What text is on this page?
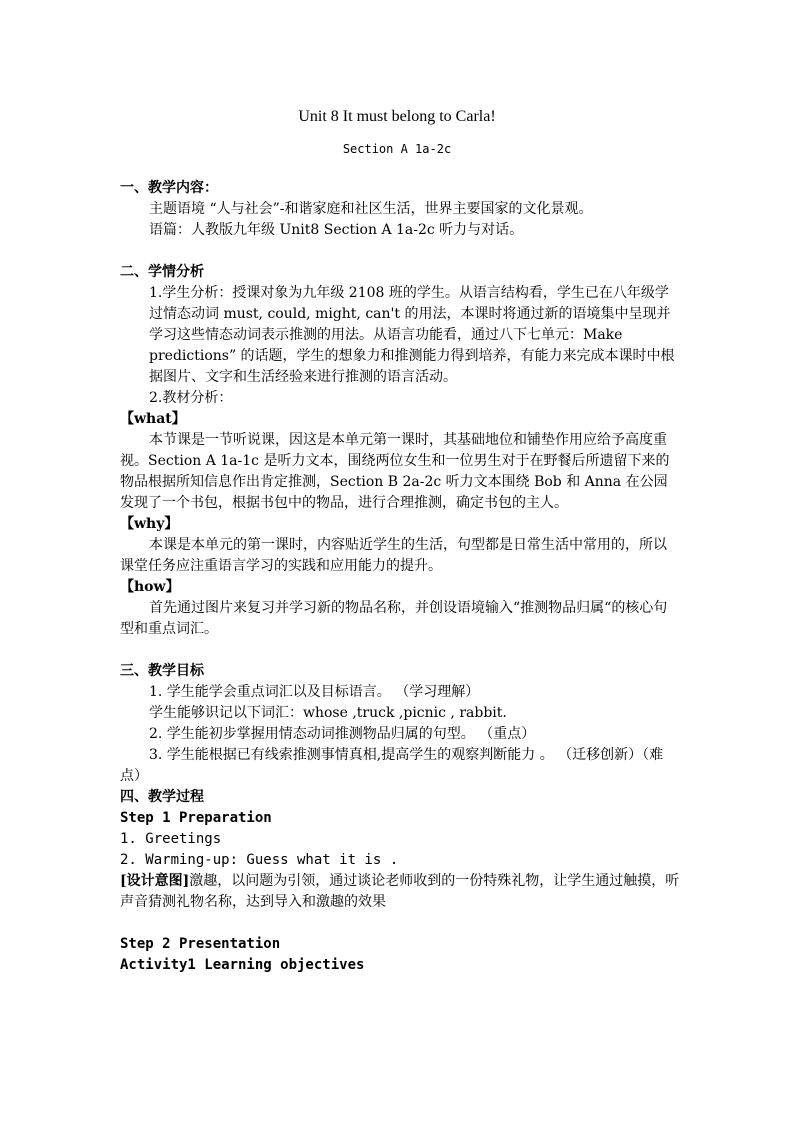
Unit 8 It must belong to Carla!
Section A 1a-2c

一、教学内容：

主题语境 “人与社会”-和谐家庭和社区生活，世界主要国家的文化景观。

语篇：人教版九年级 Unit8 Section A 1a-2c 听力与对话。

二、学情分析

1.学生分析：授课对象为九年级 2108 班的学生。从语言结构看，学生已在八年级学过情态动词 must, could, might, can't 的用法，本课时将通过新的语境集中呈现并学习这些情态动词表示推测的用法。从语言功能看，通过八下七单元：Make predictions” 的话题，学生的想象力和推测能力得到培养，有能力来完成本课时中根据图片、文字和生活经验来进行推测的语言活动。

2.教材分析：

【what】

本节课是一节听说课，因这是本单元第一课时，其基础地位和铺垫作用应给予高度重视。Section A 1a-1c 是听力文本，围绕两位女生和一位男生对于在野餐后所遗留下来的物品根据所知信息作出肯定推测，Section B 2a-2c 听力文本围绕 Bob 和 Anna 在公园发现了一个书包，根据书包中的物品，进行合理推测，确定书包的主人。

【why】

本课是本单元的第一课时，内容贴近学生的生活，句型都是日常生活中常用的，所以课堂任务应注重语言学习的实践和应用能力的提升。

【how】

首先通过图片来复习并学习新的物品名称，并创设语境输入“推测物品归属“的核心句型和重点词汇。

三、教学目标

1. 学生能学会重点词汇以及目标语言。 （学习理解）

学生能够识记以下词汇：whose ,truck ,picnic , rabbit.

2. 学生能初步掌握用情态动词推测物品归属的句型。 （重点）

3. 学生能根据已有线索推测事情真相,提高学生的观察判断能力 。 （迁移创新）（难点）

四、教学过程

Step 1 Preparation

1. Greetings

2. Warming-up: Guess what it is .

[设计意图]激趣，以问题为引领，通过谈论老师收到的一份特殊礼物，让学生通过触摸，听声音猜测礼物名称，达到导入和激趣的效果

Step 2 Presentation

Activity1 Learning objectives
